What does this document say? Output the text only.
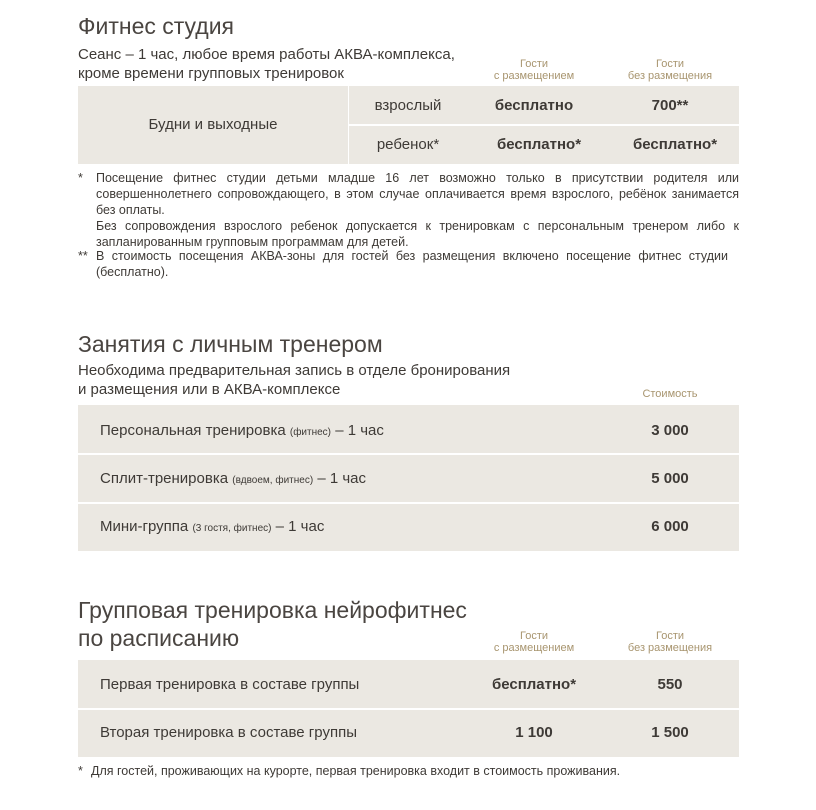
Фитнес студия
Сеанс – 1 час, любое время работы АКВА-комплекса,
кроме времени групповых тренировок
Гости
с размещением
Гости
без размещения
Будни и выходные
взрослый	бесплатно	700**
ребенок*	бесплатно*	бесплатно*
* Посещение фитнес студии детьми младше 16 лет возможно только в присутствии родителя или совершеннолетнего сопровождающего, в этом случае оплачивается время взрослого, ребёнок занимается без оплаты.
Без сопровождения взрослого ребенок допускается к тренировкам с персональным тренером либо к запланированным групповым программам для детей.
** В стоимость посещения АКВА-зоны для гостей без размещения включено посещение фитнес студии (бесплатно).
Занятия с личным тренером
Необходима предварительная запись в отделе бронирования
и размещения или в АКВА-комплексе	Стоимость
Персональная тренировка (фитнес) – 1 час	3 000
Сплит-тренировка (вдвоем, фитнес) – 1 час	5 000
Мини-группа (3 гостя, фитнес) – 1 час	6 000
Групповая тренировка нейрофитнес
по расписанию	Гости
с размещением
Гости
без размещения
Первая тренировка в составе группы	бесплатно*	550
Вторая тренировка в составе группы	1 100	1 500
* Для гостей, проживающих на курорте, первая тренировка входит в стоимость проживания.
